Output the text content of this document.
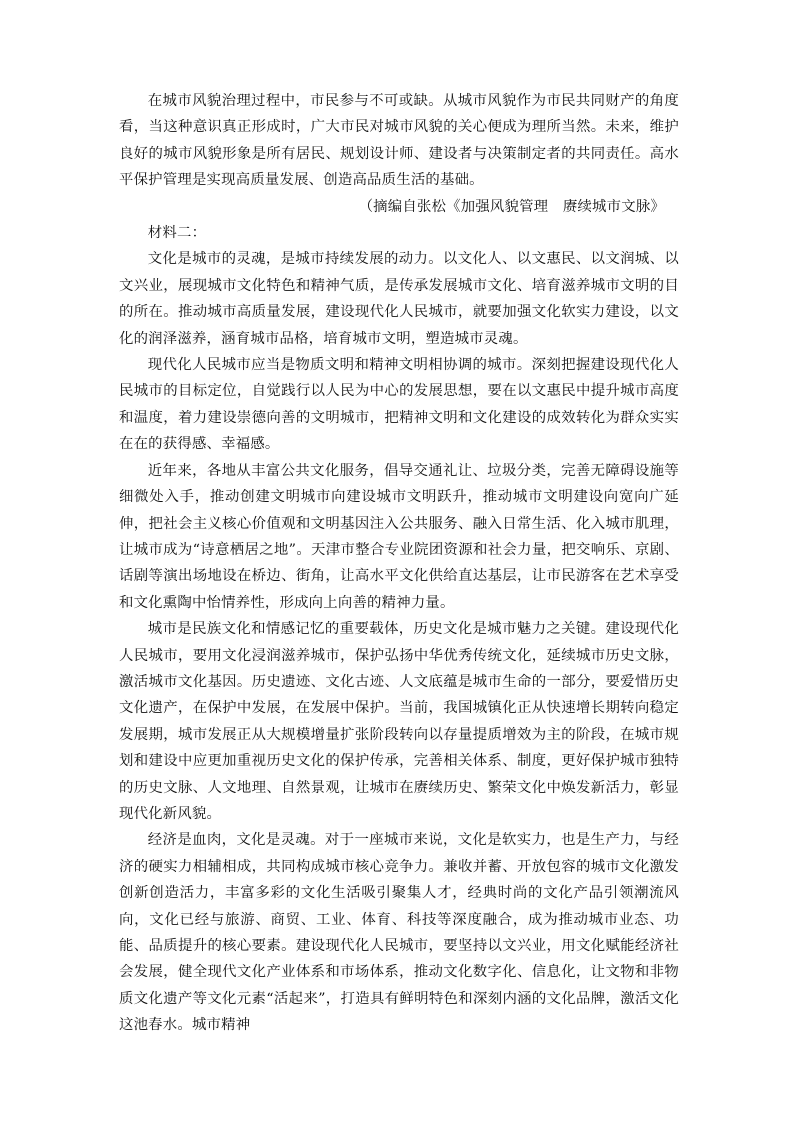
在城市风貌治理过程中，市民参与不可或缺。从城市风貌作为市民共同财产的角度看，当这种意识真正形成时，广大市民对城市风貌的关心便成为理所当然。未来，维护良好的城市风貌形象是所有居民、规划设计师、建设者与决策制定者的共同责任。高水平保护管理是实现高质量发展、创造高品质生活的基础。

（摘编自张松《加强风貌管理　赓续城市文脉》

材料二：

文化是城市的灵魂，是城市持续发展的动力。以文化人、以文惠民、以文润城、以文兴业，展现城市文化特色和精神气质，是传承发展城市文化、培育滋养城市文明的目的所在。推动城市高质量发展，建设现代化人民城市，就要加强文化软实力建设，以文化的润泽滋养，涵育城市品格，培育城市文明，塑造城市灵魂。

现代化人民城市应当是物质文明和精神文明相协调的城市。深刻把握建设现代化人民城市的目标定位，自觉践行以人民为中心的发展思想，要在以文惠民中提升城市高度和温度，着力建设崇德向善的文明城市，把精神文明和文化建设的成效转化为群众实实在在的获得感、幸福感。

近年来，各地从丰富公共文化服务，倡导交通礼让、垃圾分类，完善无障碍设施等细微处入手，推动创建文明城市向建设城市文明跃升，推动城市文明建设向宽向广延伸，把社会主义核心价值观和文明基因注入公共服务、融入日常生活、化入城市肌理，让城市成为“诗意栖居之地”。天津市整合专业院团资源和社会力量，把交响乐、京剧、话剧等演出场地设在桥边、街角，让高水平文化供给直达基层，让市民游客在艺术享受和文化熏陶中怡情养性，形成向上向善的精神力量。

城市是民族文化和情感记忆的重要载体，历史文化是城市魅力之关键。建设现代化人民城市，要用文化浸润滋养城市，保护弘扬中华优秀传统文化，延续城市历史文脉，激活城市文化基因。历史遗迹、文化古迹、人文底蕴是城市生命的一部分，要爱惜历史文化遗产，在保护中发展，在发展中保护。当前，我国城镇化正从快速增长期转向稳定发展期，城市发展正从大规模增量扩张阶段转向以存量提质增效为主的阶段，在城市规划和建设中应更加重视历史文化的保护传承，完善相关体系、制度，更好保护城市独特的历史文脉、人文地理、自然景观，让城市在赓续历史、繁荣文化中焕发新活力，彰显现代化新风貌。

经济是血肉，文化是灵魂。对于一座城市来说，文化是软实力，也是生产力，与经济的硬实力相辅相成，共同构成城市核心竞争力。兼收并蓄、开放包容的城市文化激发创新创造活力，丰富多彩的文化生活吸引聚集人才，经典时尚的文化产品引领潮流风向，文化已经与旅游、商贸、工业、体育、科技等深度融合，成为推动城市业态、功能、品质提升的核心要素。建设现代化人民城市，要坚持以文兴业，用文化赋能经济社会发展，健全现代文化产业体系和市场体系，推动文化数字化、信息化，让文物和非物质文化遗产等文化元素“活起来”，打造具有鲜明特色和深刻内涵的文化品牌，激活文化这池春水。城市精神
